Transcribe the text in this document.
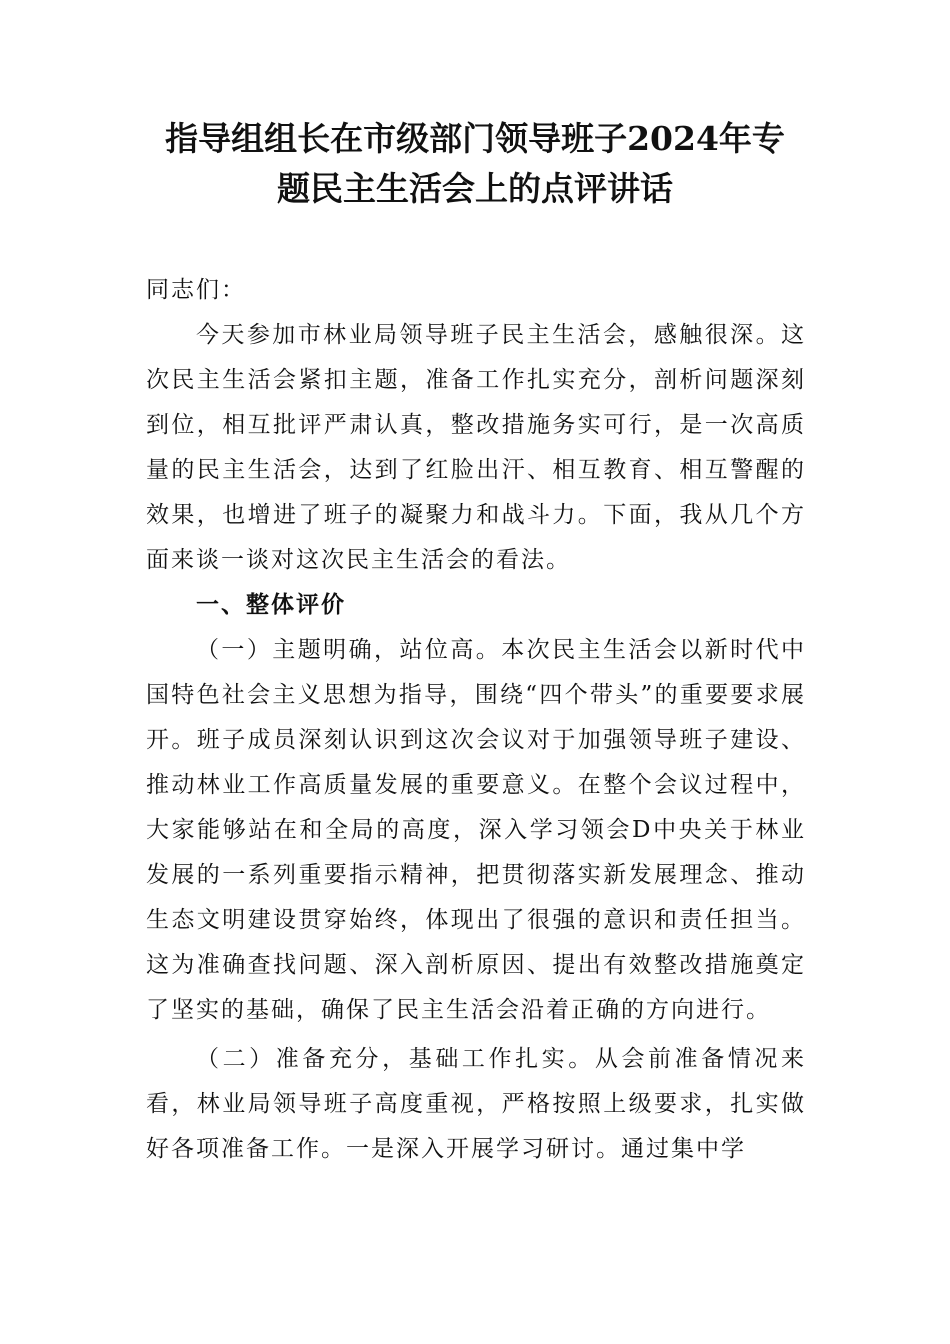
指导组组长在市级部门领导班子2024年专
题民主生活会上的点评讲话

同志们：

今天参加市林业局领导班子民主生活会，感触很深。这次民主生活会紧扣主题，准备工作扎实充分，剖析问题深刻到位，相互批评严肃认真，整改措施务实可行，是一次高质量的民主生活会，达到了红脸出汗、相互教育、相互警醒的效果，也增进了班子的凝聚力和战斗力。下面，我从几个方面来谈一谈对这次民主生活会的看法。

一、整体评价

（一）主题明确，站位高。本次民主生活会以新时代中国特色社会主义思想为指导，围绕“四个带头”的重要要求展开。班子成员深刻认识到这次会议对于加强领导班子建设、推动林业工作高质量发展的重要意义。在整个会议过程中，大家能够站在和全局的高度，深入学习领会D中央关于林业发展的一系列重要指示精神，把贯彻落实新发展理念、推动生态文明建设贯穿始终，体现出了很强的意识和责任担当。这为准确查找问题、深入剖析原因、提出有效整改措施奠定了坚实的基础，确保了民主生活会沿着正确的方向进行。

（二）准备充分，基础工作扎实。从会前准备情况来看，林业局领导班子高度重视，严格按照上级要求，扎实做好各项准备工作。一是深入开展学习研讨。通过集中学
